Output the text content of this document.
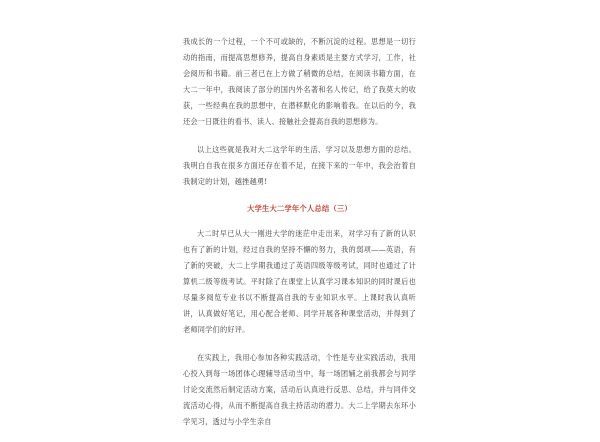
我成长的一个过程，一个不可或缺的，不断沉淀的过程。思想是一切行动的指南，而提高思想修养，提高自身素质是主要方式学习，工作，社会阅历和书籍。前三者已在上方做了稍微的总结，在阅读书籍方面，在大二一年中，我阅读了部分的国内外名著和名人传记，给了我莫大的收获，一些经典在我的思想中，在潜移默化的影响着我。在以后的今，我还会一日既往的看书、读人、接触社会提高自我的思想修为。

以上这些就是我对大二这学年的生活、学习以及思想方面的总结。我明白自我在很多方面还存在着不足，在接下来的一年中，我会治着自我制定的计划，越挫越勇!

大学生大二学年个人总结（三）

大二时早已从大一刚进大学的迷茫中走出来，对学习有了新的认识也有了新的计划，经过自我的坚持不懈的努力，我的弱项——英语，有了新的突破，大二上学期我通过了英语四级等级考试，同时也通过了计算机二级等级考试。平时除了在课堂上认真学习课本知识的同时课后也尽量多阅览专业书以不断提高自我的专业知识水平。上课时我认真听讲，认真做好笔记，用心配合老师、同学开展各种课堂活动，并得到了老师同学们的好评。

在实践上，我用心参加各种实践活动，个性是专业实践活动，我用心投入到每一场团体心理辅导活动当中，每一场团辅之前我都会与同学讨论交流然后制定活动方案，活动后认真进行反思、总结，并与同伴交流活动心得，从而不断提高自我主持活动的潜力。大二上学期去东环小学见习，透过与小学生亲自
